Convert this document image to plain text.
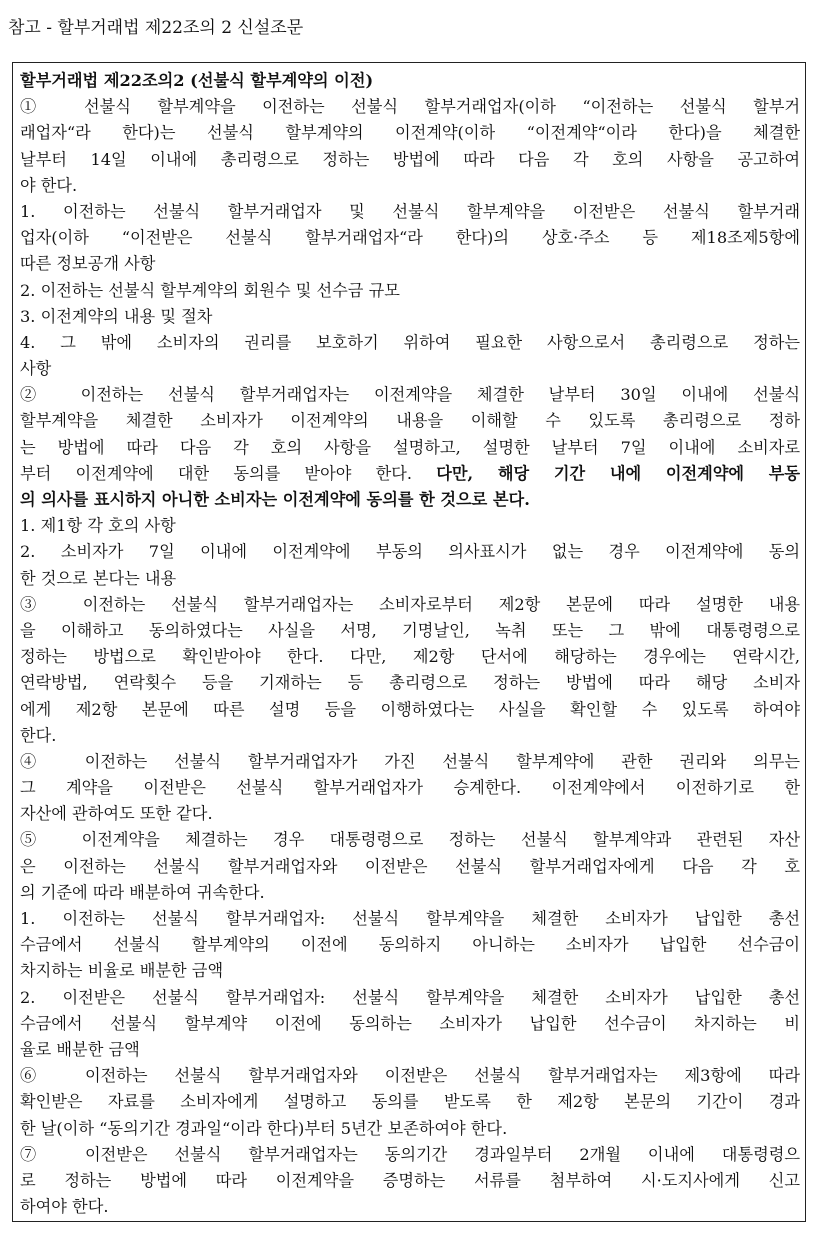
참고 - 할부거래법 제22조의 2 신설조문
할부거래법 제22조의2 (선불식 할부계약의 이전)
① 선불식 할부계약을 이전하는 선불식 할부거래업자(이하 “이전하는 선불식 할부거
래업자“라 한다)는 선불식 할부계약의 이전계약(이하 “이전계약“이라 한다)을 체결한
날부터 14일 이내에 총리령으로 정하는 방법에 따라 다음 각 호의 사항을 공고하여
야 한다.
1. 이전하는 선불식 할부거래업자 및 선불식 할부계약을 이전받은 선불식 할부거래
업자(이하 “이전받은 선불식 할부거래업자“라 한다)의 상호·주소 등 제18조제5항에
따른 정보공개 사항
2. 이전하는 선불식 할부계약의 회원수 및 선수금 규모
3. 이전계약의 내용 및 절차
4. 그 밖에 소비자의 권리를 보호하기 위하여 필요한 사항으로서 총리령으로 정하는
사항
② 이전하는 선불식 할부거래업자는 이전계약을 체결한 날부터 30일 이내에 선불식
할부계약을 체결한 소비자가 이전계약의 내용을 이해할 수 있도록 총리령으로 정하
는 방법에 따라 다음 각 호의 사항을 설명하고, 설명한 날부터 7일 이내에 소비자로
부터 이전계약에 대한 동의를 받아야 한다. 다만, 해당 기간 내에 이전계약에 부동
의 의사를 표시하지 아니한 소비자는 이전계약에 동의를 한 것으로 본다.
1. 제1항 각 호의 사항
2. 소비자가 7일 이내에 이전계약에 부동의 의사표시가 없는 경우 이전계약에 동의
한 것으로 본다는 내용
③ 이전하는 선불식 할부거래업자는 소비자로부터 제2항 본문에 따라 설명한 내용
을 이해하고 동의하였다는 사실을 서명, 기명날인, 녹취 또는 그 밖에 대통령령으로
정하는 방법으로 확인받아야 한다. 다만, 제2항 단서에 해당하는 경우에는 연락시간,
연락방법, 연락횟수 등을 기재하는 등 총리령으로 정하는 방법에 따라 해당 소비자
에게 제2항 본문에 따른 설명 등을 이행하였다는 사실을 확인할 수 있도록 하여야
한다.
④ 이전하는 선불식 할부거래업자가 가진 선불식 할부계약에 관한 권리와 의무는
그 계약을 이전받은 선불식 할부거래업자가 승계한다. 이전계약에서 이전하기로 한
자산에 관하여도 또한 같다.
⑤ 이전계약을 체결하는 경우 대통령령으로 정하는 선불식 할부계약과 관련된 자산
은 이전하는 선불식 할부거래업자와 이전받은 선불식 할부거래업자에게 다음 각 호
의 기준에 따라 배분하여 귀속한다.
1. 이전하는 선불식 할부거래업자: 선불식 할부계약을 체결한 소비자가 납입한 총선
수금에서 선불식 할부계약의 이전에 동의하지 아니하는 소비자가 납입한 선수금이
차지하는 비율로 배분한 금액
2. 이전받은 선불식 할부거래업자: 선불식 할부계약을 체결한 소비자가 납입한 총선
수금에서 선불식 할부계약 이전에 동의하는 소비자가 납입한 선수금이 차지하는 비
율로 배분한 금액
⑥ 이전하는 선불식 할부거래업자와 이전받은 선불식 할부거래업자는 제3항에 따라
확인받은 자료를 소비자에게 설명하고 동의를 받도록 한 제2항 본문의 기간이 경과
한 날(이하 “동의기간 경과일“이라 한다)부터 5년간 보존하여야 한다.
⑦ 이전받은 선불식 할부거래업자는 동의기간 경과일부터 2개월 이내에 대통령령으
로 정하는 방법에 따라 이전계약을 증명하는 서류를 첨부하여 시·도지사에게 신고
하여야 한다.
